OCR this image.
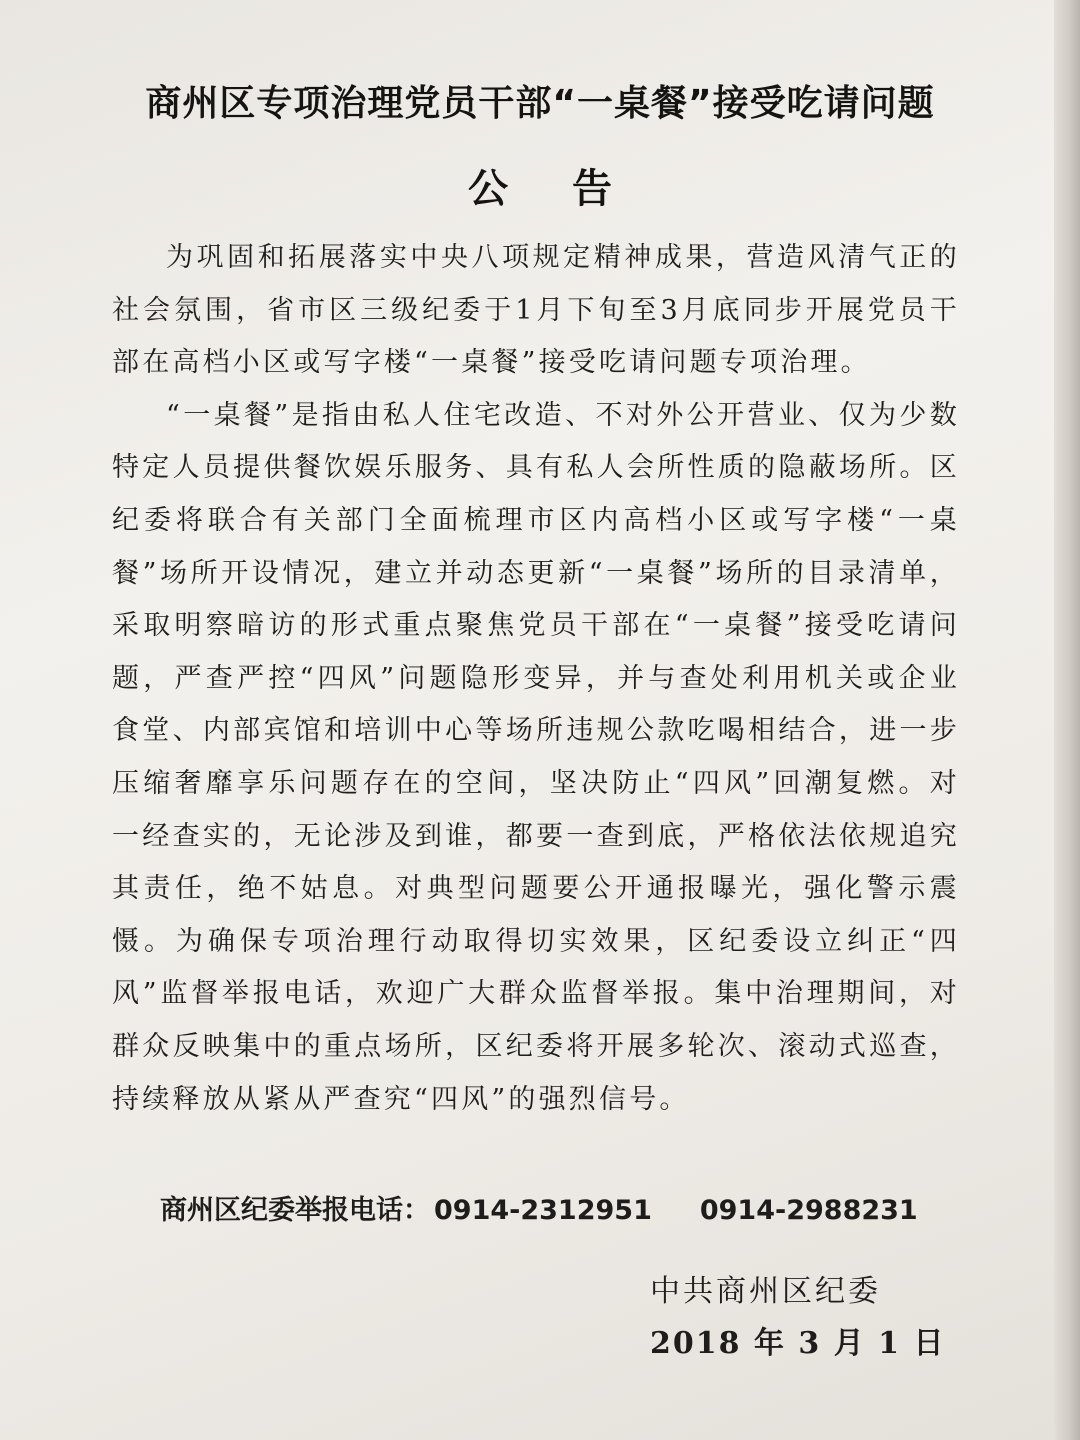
商州区专项治理党员干部“一桌餐”接受吃请问题
公告

为巩固和拓展落实中央八项规定精神成果，营造风清气正的社会氛围，省市区三级纪委于1月下旬至3月底同步开展党员干部在高档小区或写字楼“一桌餐”接受吃请问题专项治理。

“一桌餐”是指由私人住宅改造、不对外公开营业、仅为少数特定人员提供餐饮娱乐服务、具有私人会所性质的隐蔽场所。区纪委将联合有关部门全面梳理市区内高档小区或写字楼“一桌餐”场所开设情况，建立并动态更新“一桌餐”场所的目录清单，采取明察暗访的形式重点聚焦党员干部在“一桌餐”接受吃请问题，严查严控“四风”问题隐形变异，并与查处利用机关或企业食堂、内部宾馆和培训中心等场所违规公款吃喝相结合，进一步压缩奢靡享乐问题存在的空间，坚决防止“四风”回潮复燃。对一经查实的，无论涉及到谁，都要一查到底，严格依法依规追究其责任，绝不姑息。对典型问题要公开通报曝光，强化警示震慑。为确保专项治理行动取得切实效果，区纪委设立纠正“四风”监督举报电话，欢迎广大群众监督举报。集中治理期间，对群众反映集中的重点场所，区纪委将开展多轮次、滚动式巡查，持续释放从紧从严查究“四风”的强烈信号。

商州区纪委举报电话： 0914-2312951 0914-2988231
中共商州区纪委
2018 年 3 月 1 日
